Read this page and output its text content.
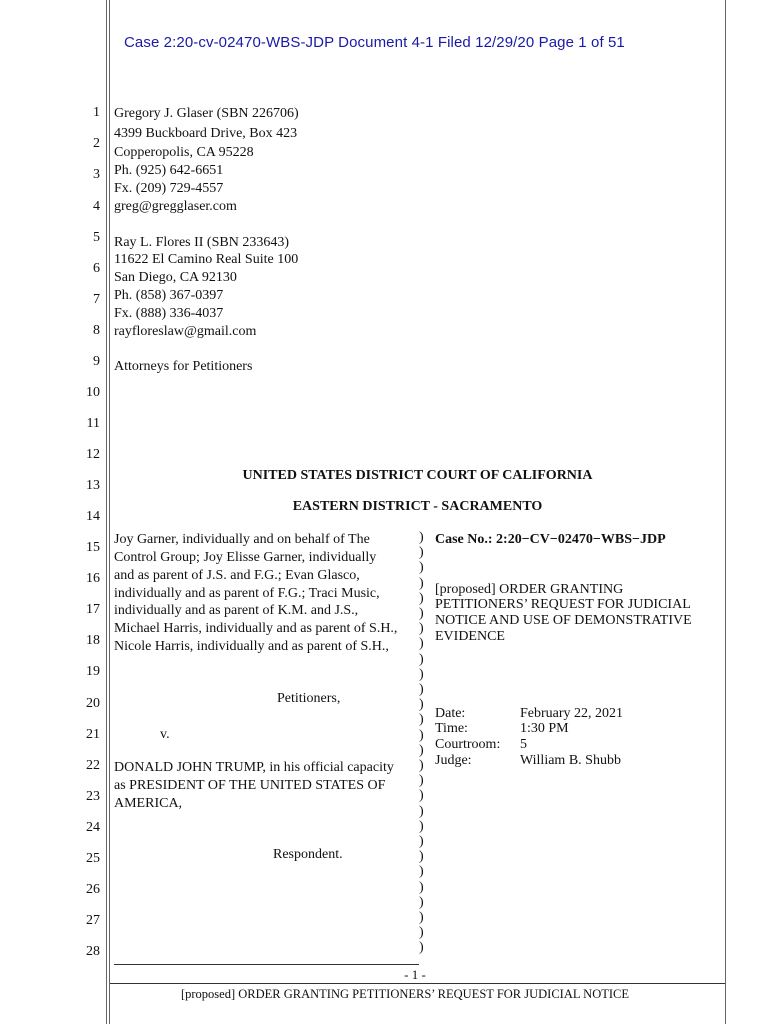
Case 2:20-cv-02470-WBS-JDP Document 4-1 Filed 12/29/20 Page 1 of 51
1
2
3
4
5
6
7
8
9
10
11
12
13
14
15
16
17
18
19
20
21
22
23
24
25
26
27
28
Gregory J. Glaser (SBN 226706)
4399 Buckboard Drive, Box 423
Copperopolis, CA 95228
Ph. (925) 642-6651
Fx. (209) 729-4557
greg@gregglaser.com
Ray L. Flores II (SBN 233643)
11622 El Camino Real Suite 100
San Diego, CA 92130
Ph. (858) 367-0397
Fx. (888) 336-4037
rayfloreslaw@gmail.com
Attorneys for Petitioners
UNITED STATES DISTRICT COURT OF CALIFORNIA
EASTERN DISTRICT - SACRAMENTO
Joy Garner, individually and on behalf of The
Control Group; Joy Elisse Garner, individually
and as parent of J.S. and F.G.; Evan Glasco,
individually and as parent of F.G.; Traci Music,
individually and as parent of K.M. and J.S.,
Michael Harris, individually and as parent of S.H.,
Nicole Harris, individually and as parent of S.H.,
Petitioners,
v.
DONALD JOHN TRUMP, in his official capacity
as PRESIDENT OF THE UNITED STATES OF
AMERICA,
Respondent.
)
)
)
)
)
)
)
)
)
)
)
)
)
)
)
)
)
)
)
)
)
)
)
)
)
)
)
)
Case No.: 2:20−CV−02470−WBS−JDP
[proposed] ORDER GRANTING
PETITIONERS’ REQUEST FOR JUDICIAL
NOTICE AND USE OF DEMONSTRATIVE
EVIDENCE
Date:	February 22, 2021
Time:	1:30 PM
Courtroom: 5
Judge:	William B. Shubb
- 1 -
[proposed] ORDER GRANTING PETITIONERS’ REQUEST FOR JUDICIAL NOTICE
